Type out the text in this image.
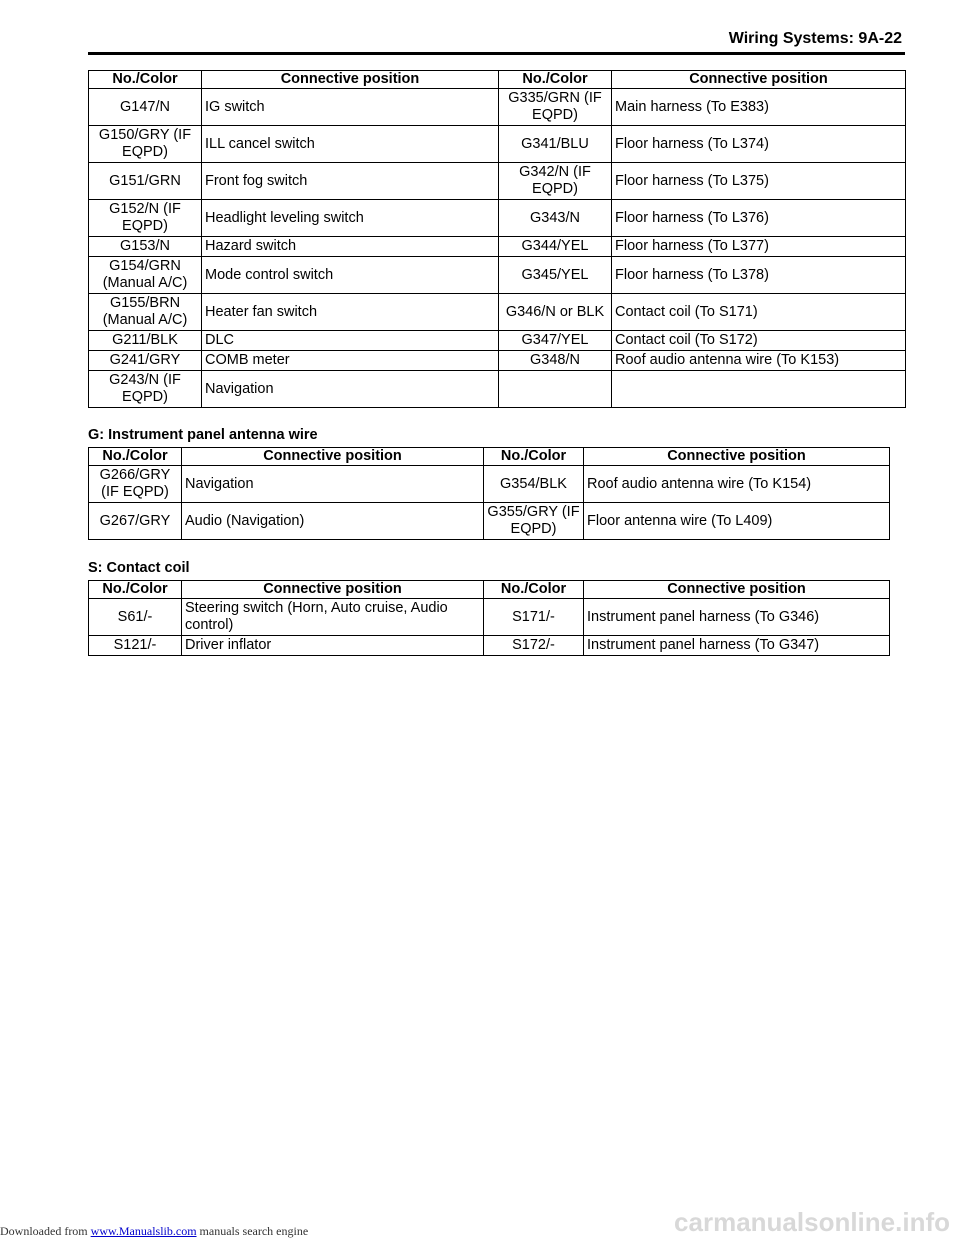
Wiring Systems: 9A-22
No./Color	Connective position	No./Color	Connective position
G147/N	IG switch	G335/GRN (IF EQPD)	Main harness (To E383)
G150/GRY (IF EQPD)	ILL cancel switch	G341/BLU	Floor harness (To L374)
G151/GRN	Front fog switch	G342/N (IF EQPD)	Floor harness (To L375)
G152/N (IF EQPD)	Headlight leveling switch	G343/N	Floor harness (To L376)
G153/N	Hazard switch	G344/YEL	Floor harness (To L377)
G154/GRN (Manual A/C)	Mode control switch	G345/YEL	Floor harness (To L378)
G155/BRN (Manual A/C)	Heater fan switch	G346/N or BLK	Contact coil (To S171)
G211/BLK	DLC	G347/YEL	Contact coil (To S172)
G241/GRY	COMB meter	G348/N	Roof audio antenna wire (To K153)
G243/N (IF EQPD)	Navigation		
G: Instrument panel antenna wire
No./Color	Connective position	No./Color	Connective position
G266/GRY (IF EQPD)	Navigation	G354/BLK	Roof audio antenna wire (To K154)
G267/GRY	Audio (Navigation)	G355/GRY (IF EQPD)	Floor antenna wire (To L409)
S: Contact coil
No./Color	Connective position	No./Color	Connective position
S61/-	Steering switch (Horn, Auto cruise, Audio control)	S171/-	Instrument panel harness (To G346)
S121/-	Driver inflator	S172/-	Instrument panel harness (To G347)
Downloaded from www.Manualslib.com manuals search engine	carmanualsonline.info
